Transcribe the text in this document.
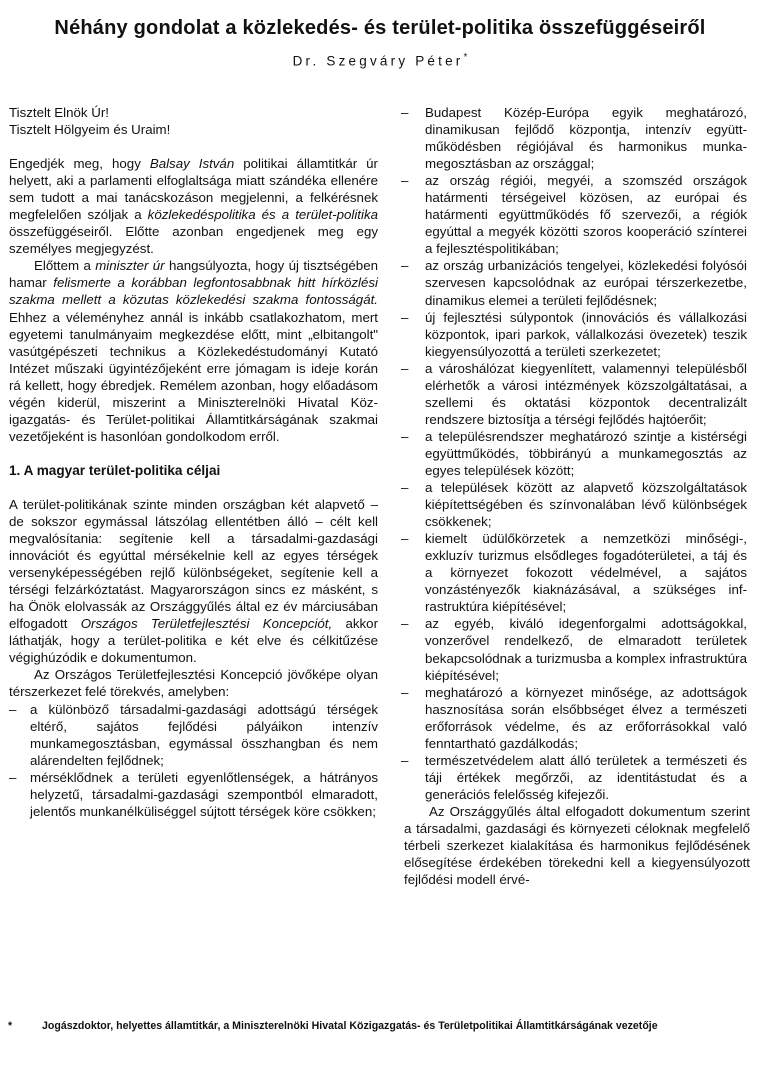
Néhány gondolat a közlekedés- és terület-politika összefüggéseiről
Dr. Szegváry Péter*

Tisztelt Elnök Úr!

Tisztelt Hölgyeim és Uraim!

Engedjék meg, hogy Balsay István politikai államtitkár úr helyett, aki a parlamenti elfoglaltsága miatt szándéka ellenére sem tudott a mai tanácskozáson megjelenni, a felkérésnek megfelelően szóljak a közlekedéspolitika és a terület-politika összefüggéseiről. Előtte azonban engedjenek meg egy személyes megjegyzést.

Előttem a miniszter úr hangsúlyozta, hogy új tisztségében hamar felismerte a korábban legfontosabbnak hitt hírközlési szakma mellett a közutas közlekedési szakma fontosságát. Ehhez a véleményhez annál is inkább csatlakozhatom, mert egyetemi tanulmányaim megkezdése előtt, mint „elbitangolt" vasútgépészeti technikus a Közlekedéstudományi Kutató Intézet műszaki ügyintézőjeként erre jómagam is ideje korán rá kellett, hogy ébredjek. Remélem azonban, hogy előadásom végén kiderül, miszerint a Miniszterelnöki Hivatal Közigazgatás- és Terület-politikai Államtitkárságának szakmai vezetőjeként is hasonlóan gondolkodom erről.

1. A magyar terület-politika céljai

A terület-politikának szinte minden országban két alapvető – de sokszor egymással látszólag ellentétben álló – célt kell megvalósítania: segítenie kell a társadalmi-gazdasági innovációt és egyúttal mérsékelnie kell az egyes térségek versenyképességében rejlő különbségeket, segítenie kell a térségi felzárkóztatást. Magyarországon sincs ez másként, s ha Önök elolvassák az Országgyűlés által ez év márciusában elfogadott Országos Területfejlesztési Koncepciót, akkor láthatják, hogy a terület-politika e két elve és célkitűzése végighúzódik e dokumentumon.

Az Országos Területfejlesztési Koncepció jövőképe olyan térszerkezet felé törekvés, amelyben:

– a különböző társadalmi-gazdasági adottságú térségek eltérő, sajátos fejlődési pályáikon intenzív munkamegosztásban, egymással összhangban és nem alárendelten fejlődnek;
– mérséklődnek a területi egyenlőtlenségek, a hátrányos helyzetű, társadalmi-gazdasági szempontból elmaradott, jelentős munkanélküliséggel sújtott térségek köre csökken;
– Budapest Közép-Európa egyik meghatározó, dinamikusan fejlődő központja, intenzív együttműködésben régiójával és harmonikus munkamegosztásban az országgal;
– az ország régiói, megyéi, a szomszéd országok határmenti térségeivel közösen, az európai és határmenti együttműködés fő szervezői, a régiók egyúttal a megyék közötti szoros kooperáció színterei a fejlesztéspolitikában;
– az ország urbanizációs tengelyei, közlekedési folyósói szervesen kapcsolódnak az európai térszerkezetbe, dinamikus elemei a területi fejlődésnek;
– új fejlesztési súlypontok (innovációs és vállalkozási központok, ipari parkok, vállalkozási övezetek) teszik kiegyensúlyozottá a területi szerkezetet;
– a városhálózat kiegyenlített, valamennyi településből elérhetők a városi intézmények közszolgáltatásai, a szellemi és oktatási központok decentralizált rendszere biztosítja a térségi fejlődés hajtóerőit;
– a településrendszer meghatározó szintje a kistérségi együttműködés, többirányú a munkamegosztás az egyes települések között;
– a települések között az alapvető közszolgáltatások kiépítettségében és színvonalában lévő különbségek csökkenek;
– kiemelt üdülőkörzetek a nemzetközi minőségi-, exkluzív turizmus elsődleges fogadóterületei, a táj és a környezet fokozott védelmével, a sajátos vonzástényezők kiaknázásával, a szükséges infrastruktúra kiépítésével;
– az egyéb, kiváló idegenforgalmi adottságokkal, vonzerővel rendelkező, de elmaradott területek bekapcsolódnak a turizmusba a komplex infrastruktúra kiépítésével;
– meghatározó a környezet minősége, az adottságok hasznosítása során elsőbbséget élvez a természeti erőforrások védelme, és az erőforrásokkal való fenntartható gazdálkodás;
– természetvédelem alatt álló területek a természeti és táji értékek megőrzői, az identitástudat és a generációs felelősség kifejezői.

Az Országgyűlés által elfogadott dokumentum szerint a társadalmi, gazdasági és környezeti céloknak megfelelő térbeli szerkezet kialakítása és harmonikus fejlődésének elősegítése érdekében törekedni kell a kiegyensúlyozott fejlődési modell érvé-

*	Jogászdoktor, helyettes államtitkár, a Miniszterelnöki Hivatal Közigazgatás- és Területpolitikai Államtitkárságának vezetője
